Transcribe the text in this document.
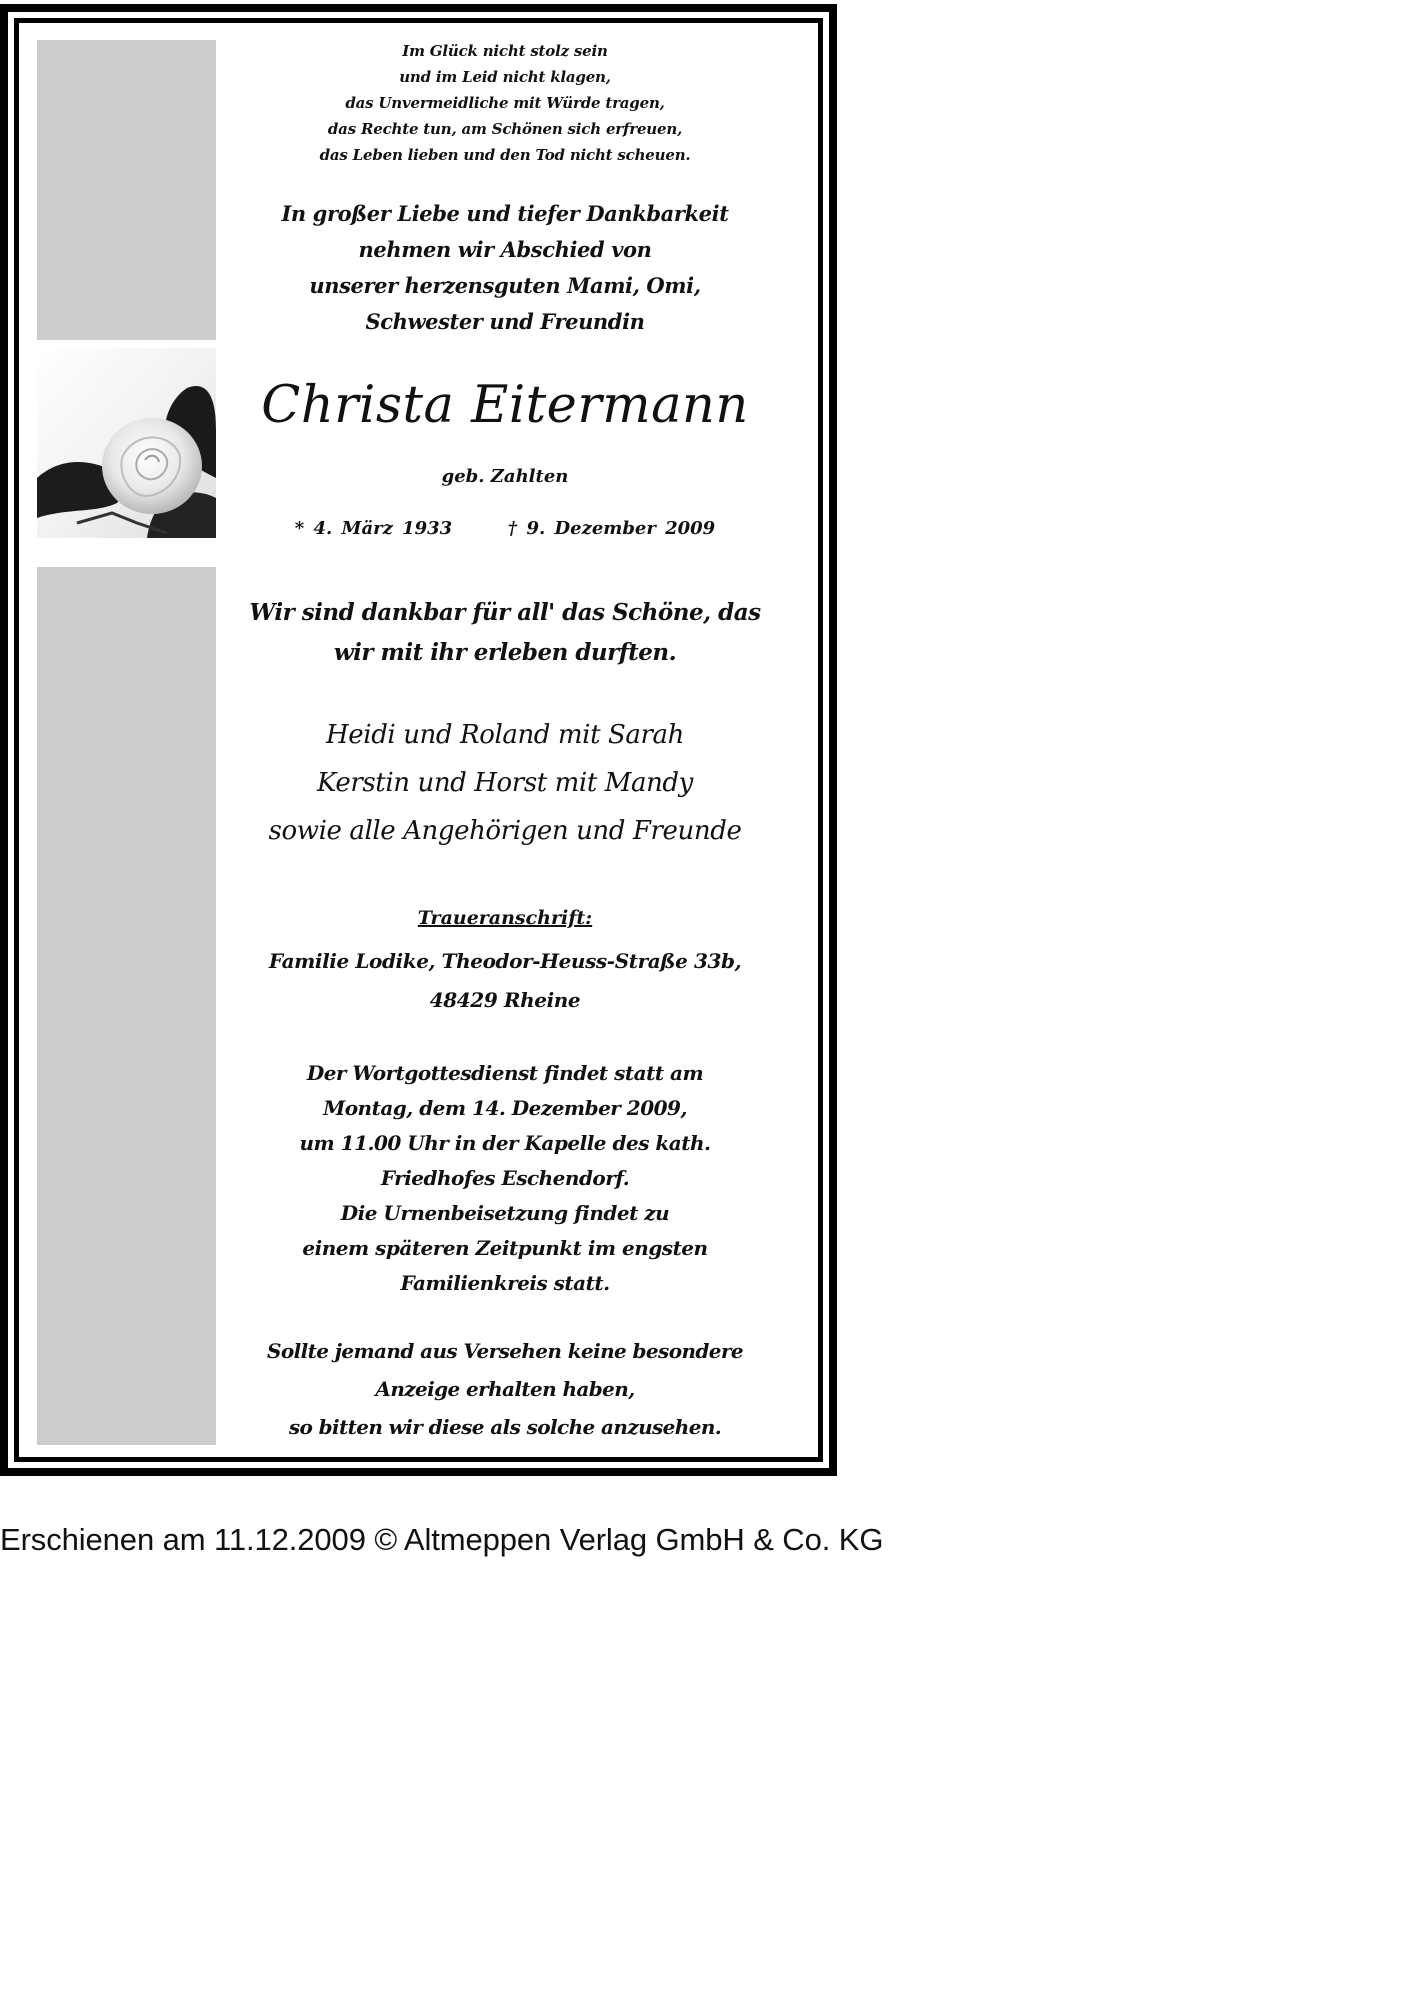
Im Glück nicht stolz sein
und im Leid nicht klagen,
das Unvermeidliche mit Würde tragen,
das Rechte tun, am Schönen sich erfreuen,
das Leben lieben und den Tod nicht scheuen.
In großer Liebe und tiefer Dankbarkeit
nehmen wir Abschied von
unserer herzensguten Mami, Omi,
Schwester und Freundin
Christa Eitermann
geb. Zahlten
* 4. März 1933	† 9. Dezember 2009
Wir sind dankbar für all' das Schöne, das
wir mit ihr erleben durften.
Heidi und Roland mit Sarah
Kerstin und Horst mit Mandy
sowie alle Angehörigen und Freunde
Traueranschrift:
Familie Lodike, Theodor-Heuss-Straße 33b,
48429 Rheine
Der Wortgottesdienst findet statt am
Montag, dem 14. Dezember 2009,
um 11.00 Uhr in der Kapelle des kath.
Friedhofes Eschendorf.
Die Urnenbeisetzung findet zu
einem späteren Zeitpunkt im engsten
Familienkreis statt.
Sollte jemand aus Versehen keine besondere
Anzeige erhalten haben,
so bitten wir diese als solche anzusehen.
Erschienen am 11.12.2009 © Altmeppen Verlag GmbH & Co. KG
